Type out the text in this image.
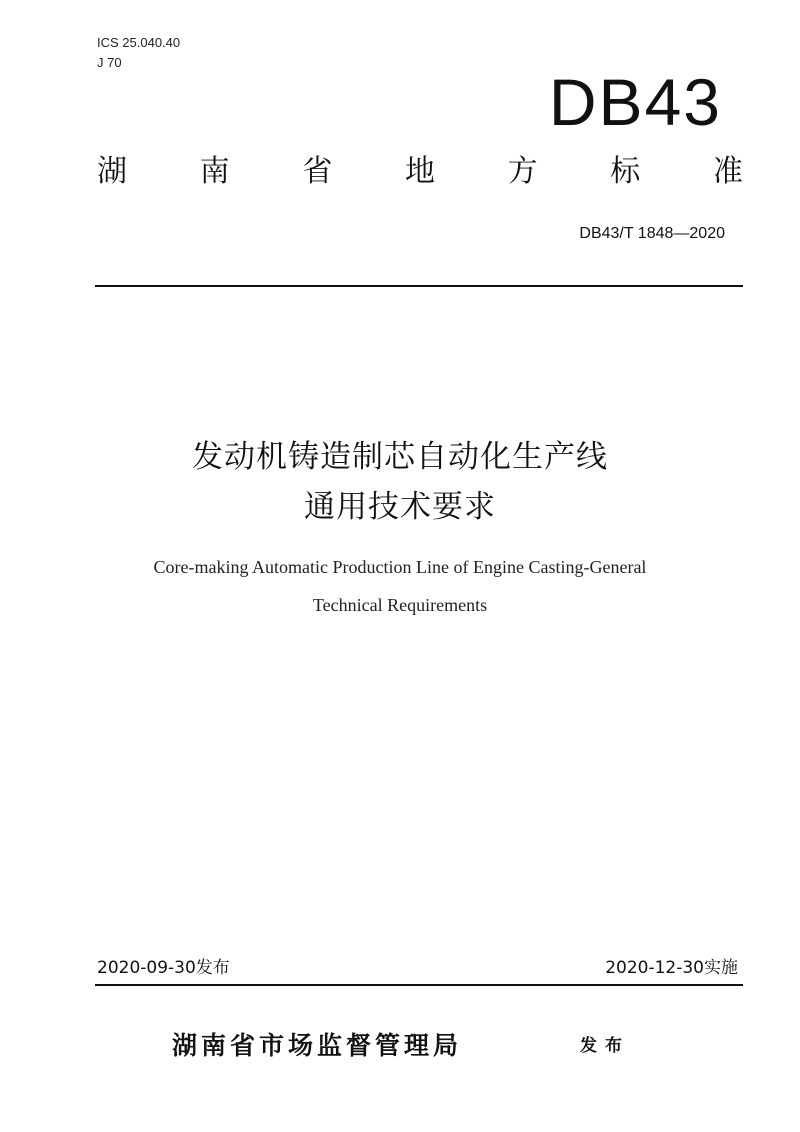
ICS 25.040.40
J 70
DB43
湖 南 省 地 方 标 准
DB43/T 1848—2020
发动机铸造制芯自动化生产线
通用技术要求
Core-making Automatic Production Line of Engine Casting-General
Technical Requirements
2020-09-30发布	2020-12-30实施
湖南省市场监督管理局	发布
